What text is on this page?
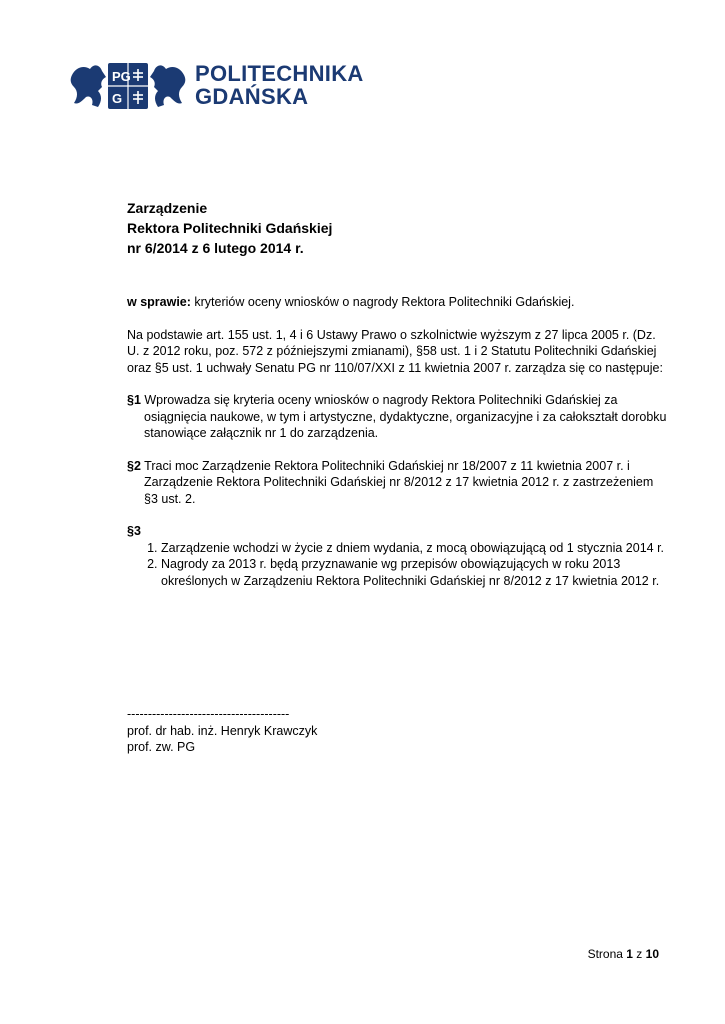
PG
G
POLITECHNIKA
GDAŃSKA
Zarządzenie
Rektora Politechniki Gdańskiej
nr 6/2014 z 6 lutego 2014 r.

w sprawie: kryteriów oceny wniosków o nagrody Rektora Politechniki Gdańskiej.

Na podstawie art. 155 ust. 1, 4 i 6 Ustawy Prawo o szkolnictwie wyższym z 27 lipca 2005 r. (Dz. U. z 2012 roku, poz. 572 z późniejszymi zmianami), §58 ust. 1 i 2 Statutu Politechniki Gdańskiej oraz §5 ust. 1 uchwały Senatu PG nr 110/07/XXI z 11 kwietnia 2007 r. zarządza się co następuje:

§1 Wprowadza się kryteria oceny wniosków o nagrody Rektora Politechniki Gdańskiej za osiągnięcia naukowe, w tym i artystyczne, dydaktyczne, organizacyjne i za całokształt dorobku stanowiące załącznik nr 1 do zarządzenia.
§2 Traci moc Zarządzenie Rektora Politechniki Gdańskiej nr 18/2007 z 11 kwietnia 2007 r. i Zarządzenie Rektora Politechniki Gdańskiej nr 8/2012 z 17 kwietnia 2012 r. z zastrzeżeniem §3 ust. 2.
§3
1. Zarządzenie wchodzi w życie z dniem wydania, z mocą obowiązującą od 1 stycznia 2014 r.
2. Nagrody za 2013 r. będą przyznawanie wg przepisów obowiązujących w roku 2013 określonych w Zarządzeniu Rektora Politechniki Gdańskiej nr 8/2012 z 17 kwietnia 2012 r.
---------------------------------------
prof. dr hab. inż. Henryk Krawczyk
prof. zw. PG
Strona 1 z 10
